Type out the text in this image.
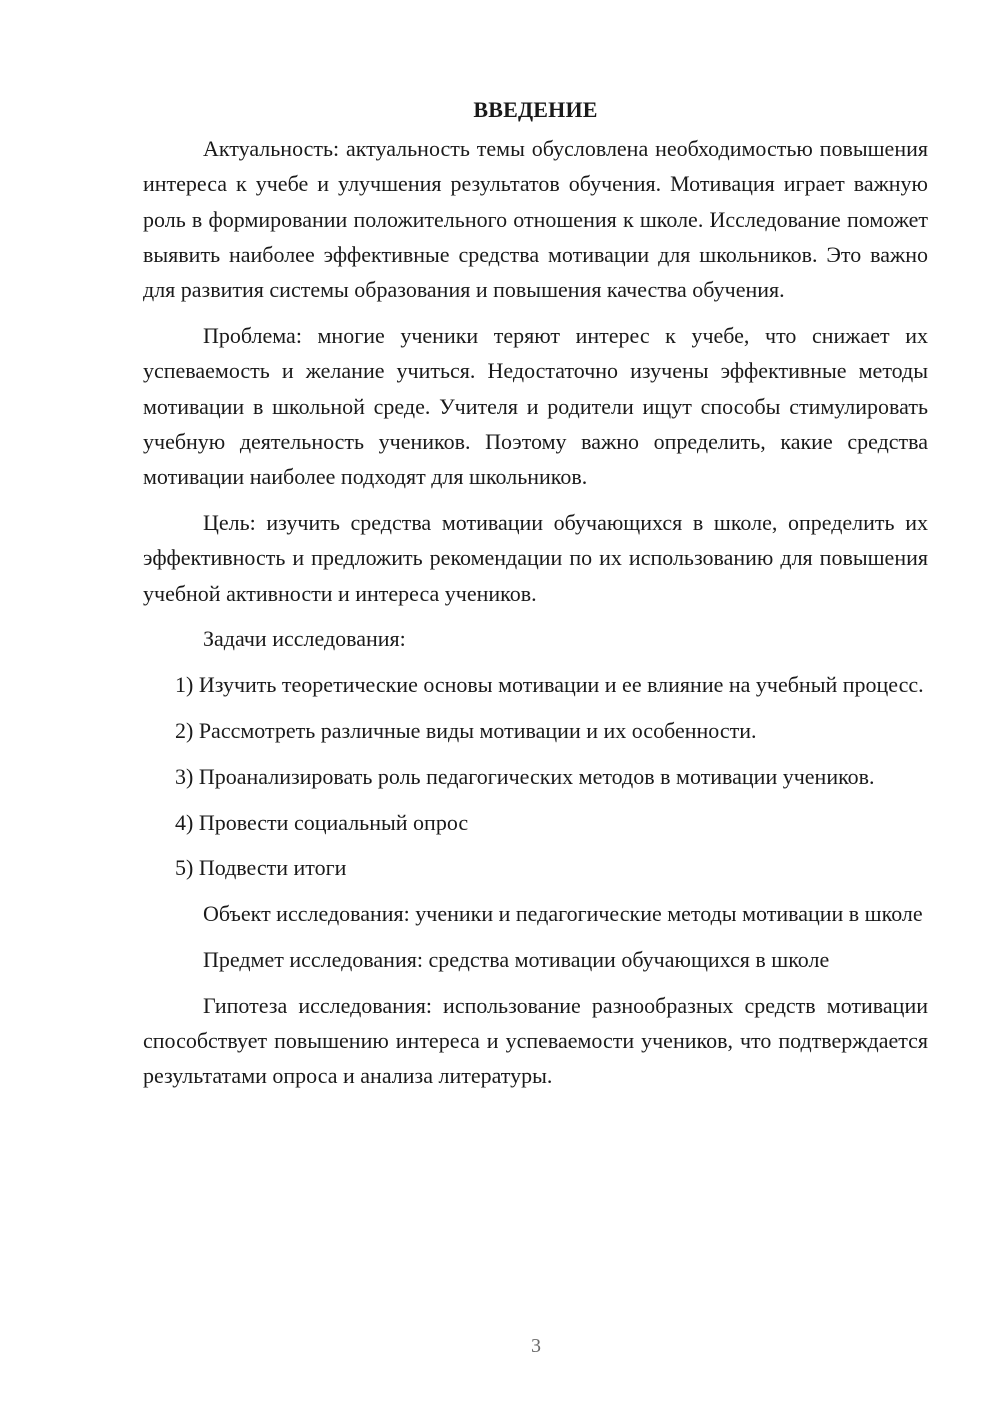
ВВЕДЕНИЕ

Актуальность: актуальность темы обусловлена необходимостью повышения интереса к учебе и улучшения результатов обучения. Мотивация играет важную роль в формировании положительного отношения к школе. Исследование поможет выявить наиболее эффективные средства мотивации для школьников. Это важно для развития системы образования и повышения качества обучения.

Проблема: многие ученики теряют интерес к учебе, что снижает их успеваемость и желание учиться. Недостаточно изучены эффективные методы мотивации в школьной среде. Учителя и родители ищут способы стимулировать учебную деятельность учеников. Поэтому важно определить, какие средства мотивации наиболее подходят для школьников.

Цель: изучить средства мотивации обучающихся в школе, определить их эффективность и предложить рекомендации по их использованию для повышения учебной активности и интереса учеников.

Задачи исследования:

1) Изучить теоретические основы мотивации и ее влияние на учебный процесс.

2) Рассмотреть различные виды мотивации и их особенности.

3) Проанализировать роль педагогических методов в мотивации учеников.

4) Провести социальный опрос

5) Подвести итоги

Объект исследования: ученики и педагогические методы мотивации в школе

Предмет исследования: средства мотивации обучающихся в школе

Гипотеза исследования: использование разнообразных средств мотивации способствует повышению интереса и успеваемости учеников, что подтверждается результатами опроса и анализа литературы.

3
